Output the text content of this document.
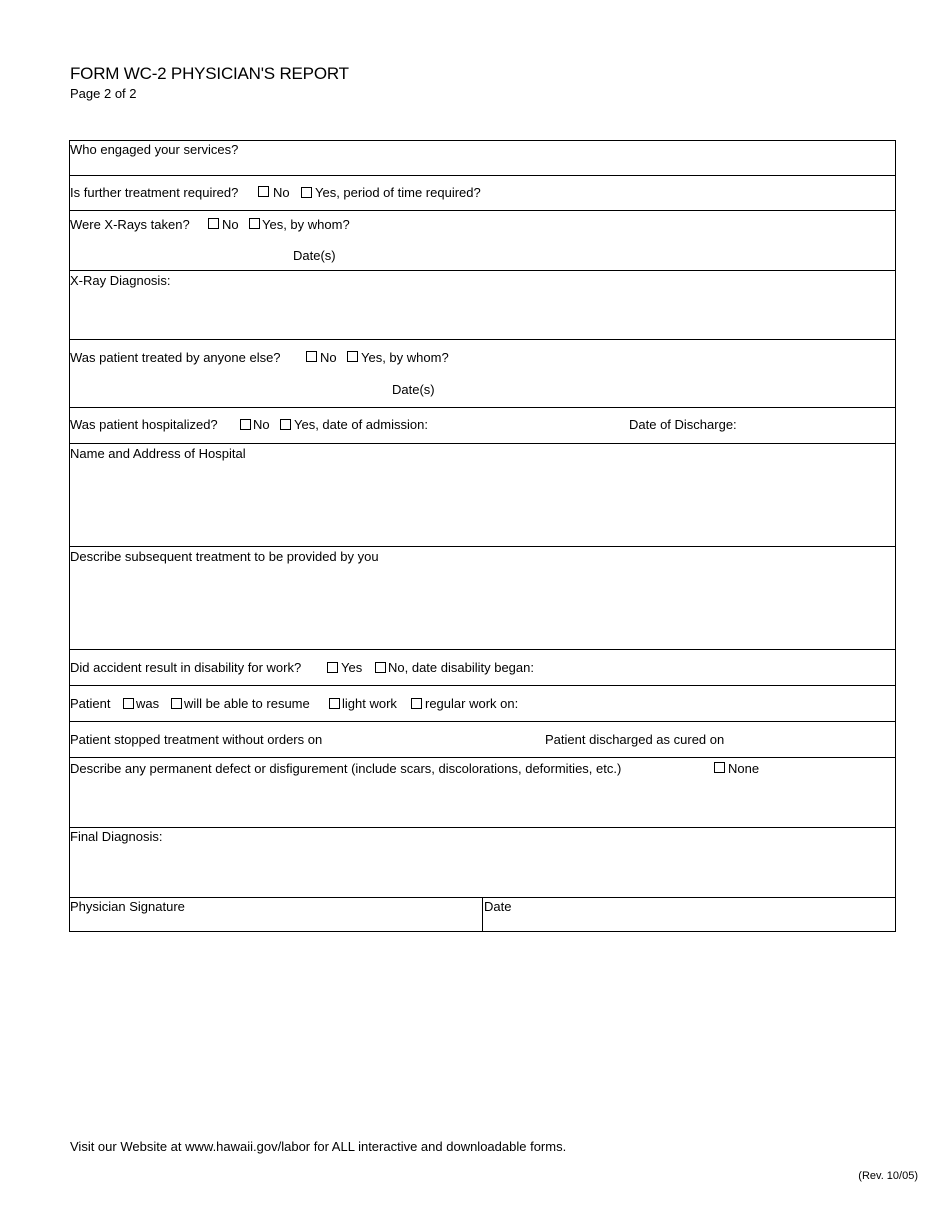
FORM WC-2 PHYSICIAN'S REPORT
Page 2 of 2
Who engaged your services?
Is further treatment required?	No Yes, period of time required?
Were X-Rays taken? No Yes, by whom?
Date(s)
X-Ray Diagnosis:
Was patient treated by anyone else?	No Yes, by whom?
Date(s)
Was patient hospitalized?	No Yes, date of admission:	Date of Discharge:
Name and Address of Hospital
Describe subsequent treatment to be provided by you
Did accident result in disability for work?	Yes No, date disability began:
Patient was will be able to resume light work regular work on:
Patient stopped treatment without orders on	Patient discharged as cured on
Describe any permanent defect or disfigurement (include scars, discolorations, deformities, etc.)	None
Final Diagnosis:
Physician Signature	Date
Visit our Website at www.hawaii.gov/labor for ALL interactive and downloadable forms.
(Rev. 10/05)
